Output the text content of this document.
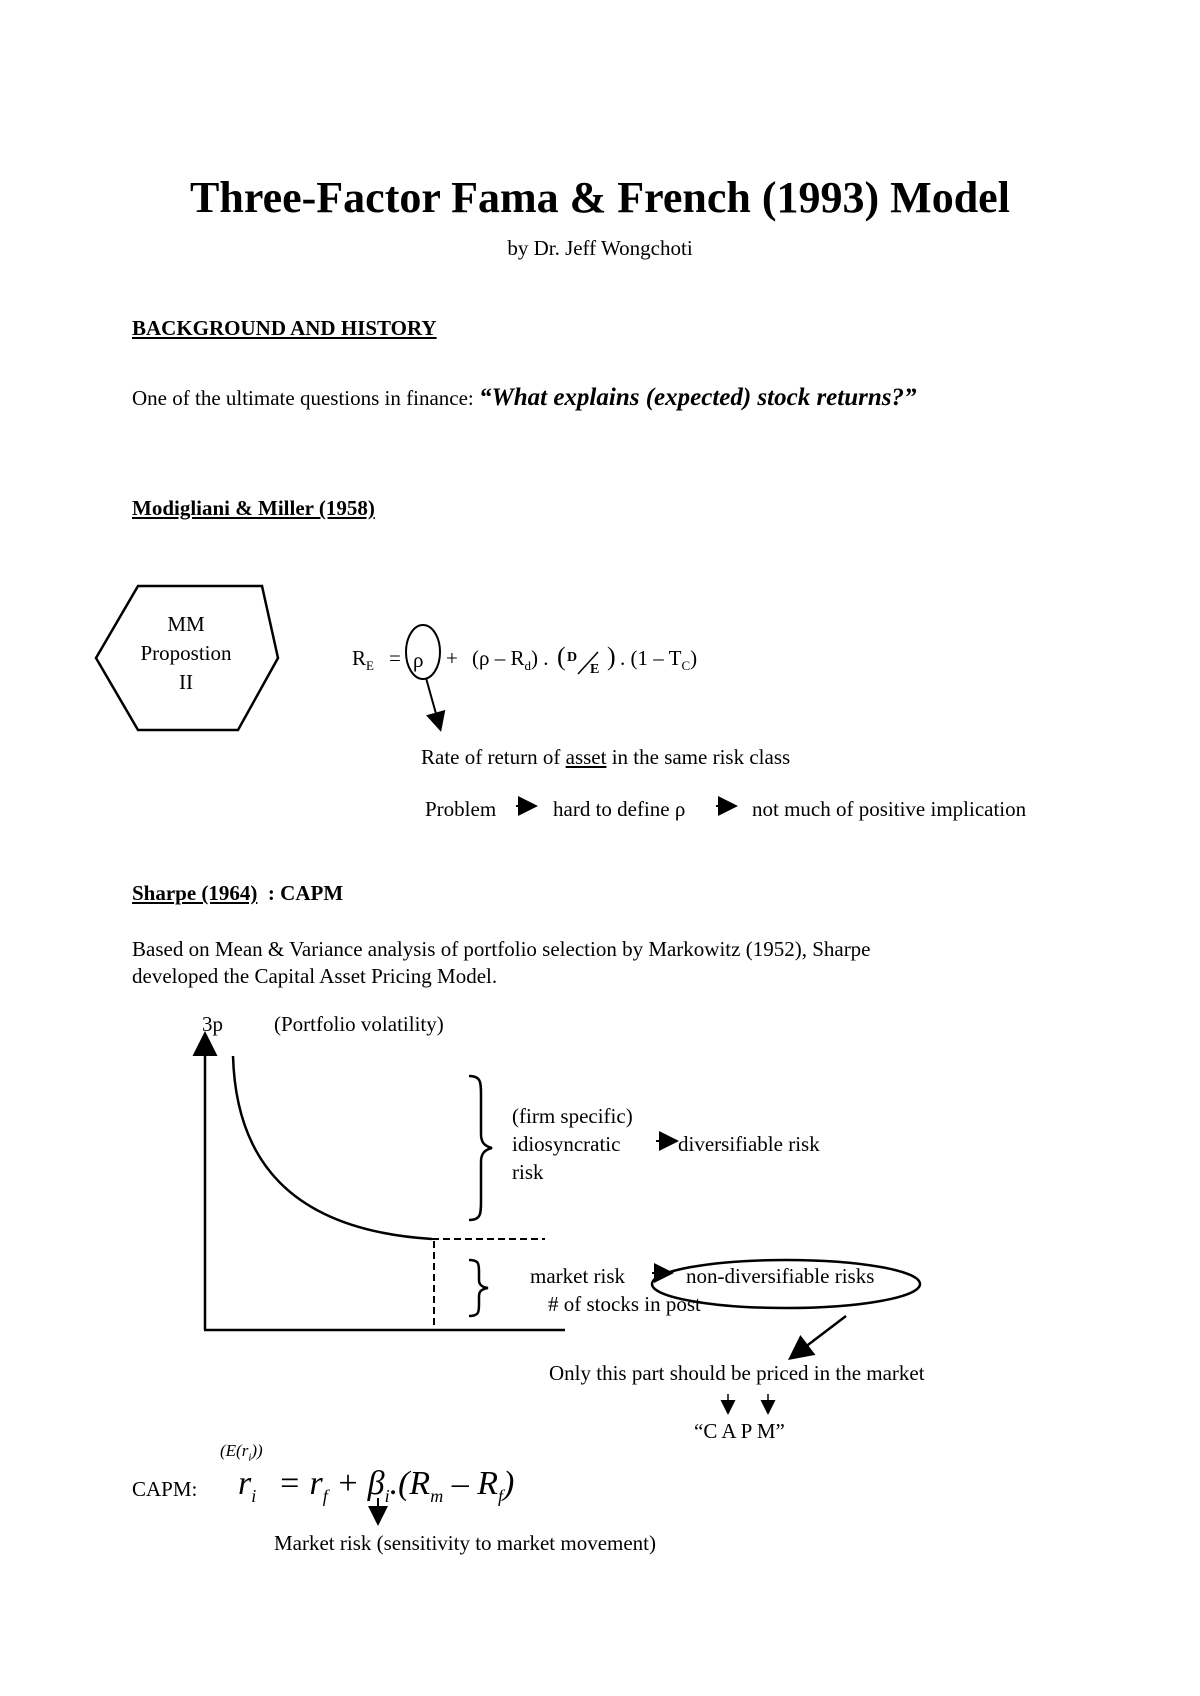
Three-Factor Fama & French (1993) Model
by Dr. Jeff Wongchoti
BACKGROUND AND HISTORY
One of the ultimate questions in finance: “What explains (expected) stock returns?”
Modigliani & Miller (1958)
MM
Propostion
II
$R_E = \rho + (\rho - R_d)$ . ( D
E ) . $(1 - T_C)$
Rate of return of asset in the same risk class
Problem	hard to define ρ	not much of positive implication
Sharpe (1964) : CAPM
Based on Mean & Variance analysis of portfolio selection by Markowitz (1952), Sharpe
developed the Capital Asset Pricing Model.
3p (Portfolio volatility)
(firm specific)
idiosyncratic	diversifiable risk
risk
market risk	non-diversifiable risks
# of stocks in post
Only this part should be priced in the market
“C A P M”
CAPM:
$(E(r_i))$
$r_i = r_f + \beta_i.(R_m - R_f)$
Market risk (sensitivity to market movement)
